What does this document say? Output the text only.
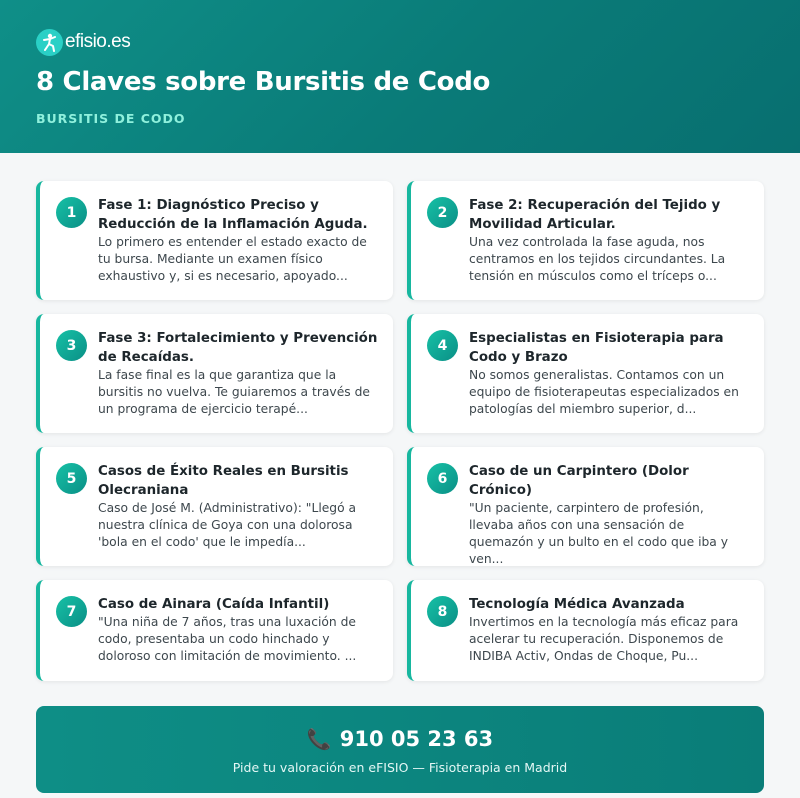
efisio.es
8 Claves sobre Bursitis de Codo
BURSITIS DE CODO
1	Fase 1: Diagnóstico Preciso y Reducción de la Inflamación Aguda.
Lo primero es entender el estado exacto de tu bursa. Mediante un examen físico exhaustivo y, si es necesario, apoyado...
2	Fase 2: Recuperación del Tejido y Movilidad Articular.
Una vez controlada la fase aguda, nos centramos en los tejidos circundantes. La tensión en músculos como el tríceps o...
3	Fase 3: Fortalecimiento y Prevención de Recaídas.
La fase final es la que garantiza que la bursitis no vuelva. Te guiaremos a través de un programa de ejercicio terapé...
4	Especialistas en Fisioterapia para Codo y Brazo
No somos generalistas. Contamos con un equipo de fisioterapeutas especializados en patologías del miembro superior, d...
5	Casos de Éxito Reales en Bursitis Olecraniana
Caso de José M. (Administrativo): "Llegó a nuestra clínica de Goya con una dolorosa 'bola en el codo' que le impedía...
6	Caso de un Carpintero (Dolor Crónico)
"Un paciente, carpintero de profesión, llevaba años con una sensación de quemazón y un bulto en el codo que iba y ven...
7	Caso de Ainara (Caída Infantil)
"Una niña de 7 años, tras una luxación de codo, presentaba un codo hinchado y doloroso con limitación de movimiento. ...
8	Tecnología Médica Avanzada
Invertimos en la tecnología más eficaz para acelerar tu recuperación. Disponemos de INDIBA Activ, Ondas de Choque, Pu...
📞 910 05 23 63
Pide tu valoración en eFISIO — Fisioterapia en Madrid
